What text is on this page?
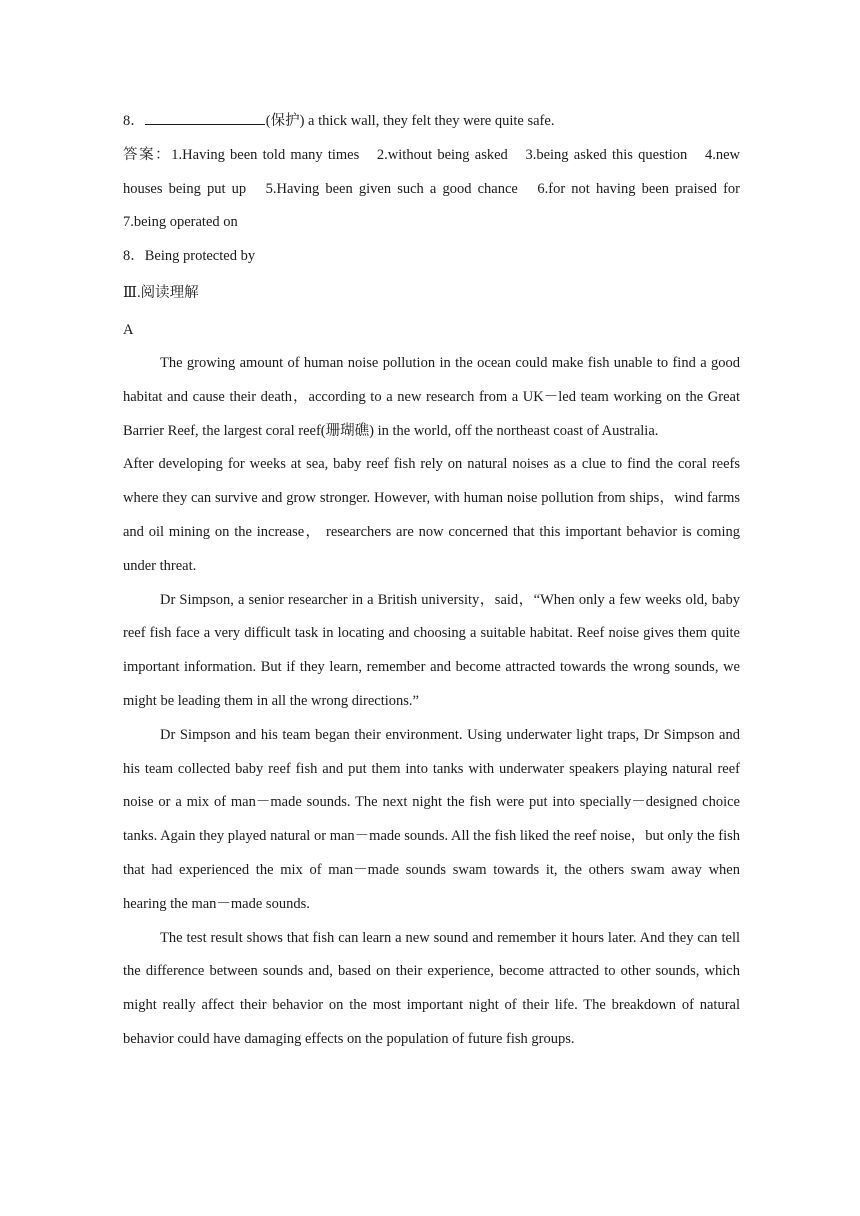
8．	(保护) a thick wall, they felt they were quite safe.

答案：1.Having been told many times　2.without being asked　3.being asked this question　4.new

houses being put up　5.Having been given such a good chance　6.for not having been praised for

7.being operated on

8．Being protected by

Ⅲ.阅读理解

A

The growing amount of human noise pollution in the ocean could make fish unable to find a good habitat and cause their death，according to a new research from a UK－led team working on the Great Barrier Reef, the largest coral reef(珊瑚礁) in the world, off the northeast coast of Australia.

After developing for weeks at sea, baby reef fish rely on natural noises as a clue to find the coral reefs where they can survive and grow stronger. However, with human noise pollution from ships，wind farms and oil mining on the increase， researchers are now concerned that this important behavior is coming under threat.

Dr Simpson, a senior researcher in a British university，said，“When only a few weeks old, baby reef fish face a very difficult task in locating and choosing a suitable habitat. Reef noise gives them quite important information. But if they learn, remember and become attracted towards the wrong sounds, we might be leading them in all the wrong directions.”

Dr Simpson and his team began their environment. Using underwater light traps, Dr Simpson and his team collected baby reef fish and put them into tanks with underwater speakers playing natural reef noise or a mix of man－made sounds. The next night the fish were put into specially－designed choice tanks. Again they played natural or man－made sounds. All the fish liked the reef noise，but only the fish that had experienced the mix of man－made sounds swam towards it, the others swam away when hearing the man－made sounds.

The test result shows that fish can learn a new sound and remember it hours later. And they can tell the difference between sounds and, based on their experience, become attracted to other sounds, which might really affect their behavior on the most important night of their life. The breakdown of natural behavior could have damaging effects on the population of future fish groups.
